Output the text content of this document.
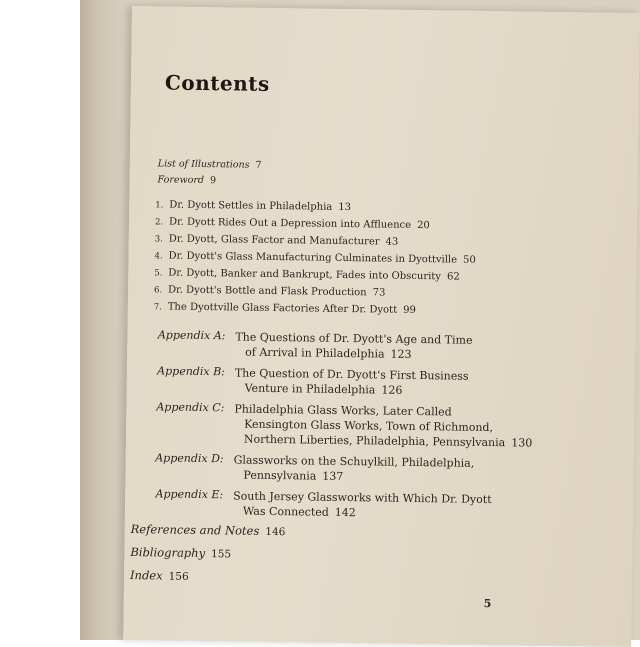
Contents
List of Illustrations 7
Foreword 9
1. Dr. Dyott Settles in Philadelphia 13
2. Dr. Dyott Rides Out a Depression into Affluence 20
3. Dr. Dyott, Glass Factor and Manufacturer 43
4. Dr. Dyott's Glass Manufacturing Culminates in Dyottville 50
5. Dr. Dyott, Banker and Bankrupt, Fades into Obscurity 62
6. Dr. Dyott's Bottle and Flask Production 73
7. The Dyottville Glass Factories After Dr. Dyott 99
Appendix A: The Questions of Dr. Dyott's Age and Time
of Arrival in Philadelphia 123
Appendix B: The Question of Dr. Dyott's First Business
Venture in Philadelphia 126
Appendix C: Philadelphia Glass Works, Later Called
Kensington Glass Works, Town of Richmond,
Northern Liberties, Philadelphia, Pennsylvania 130
Appendix D: Glassworks on the Schuylkill, Philadelphia,
Pennsylvania 137
Appendix E: South Jersey Glassworks with Which Dr. Dyott
Was Connected 142
References and Notes 146
Bibliography 155
Index 156
5
